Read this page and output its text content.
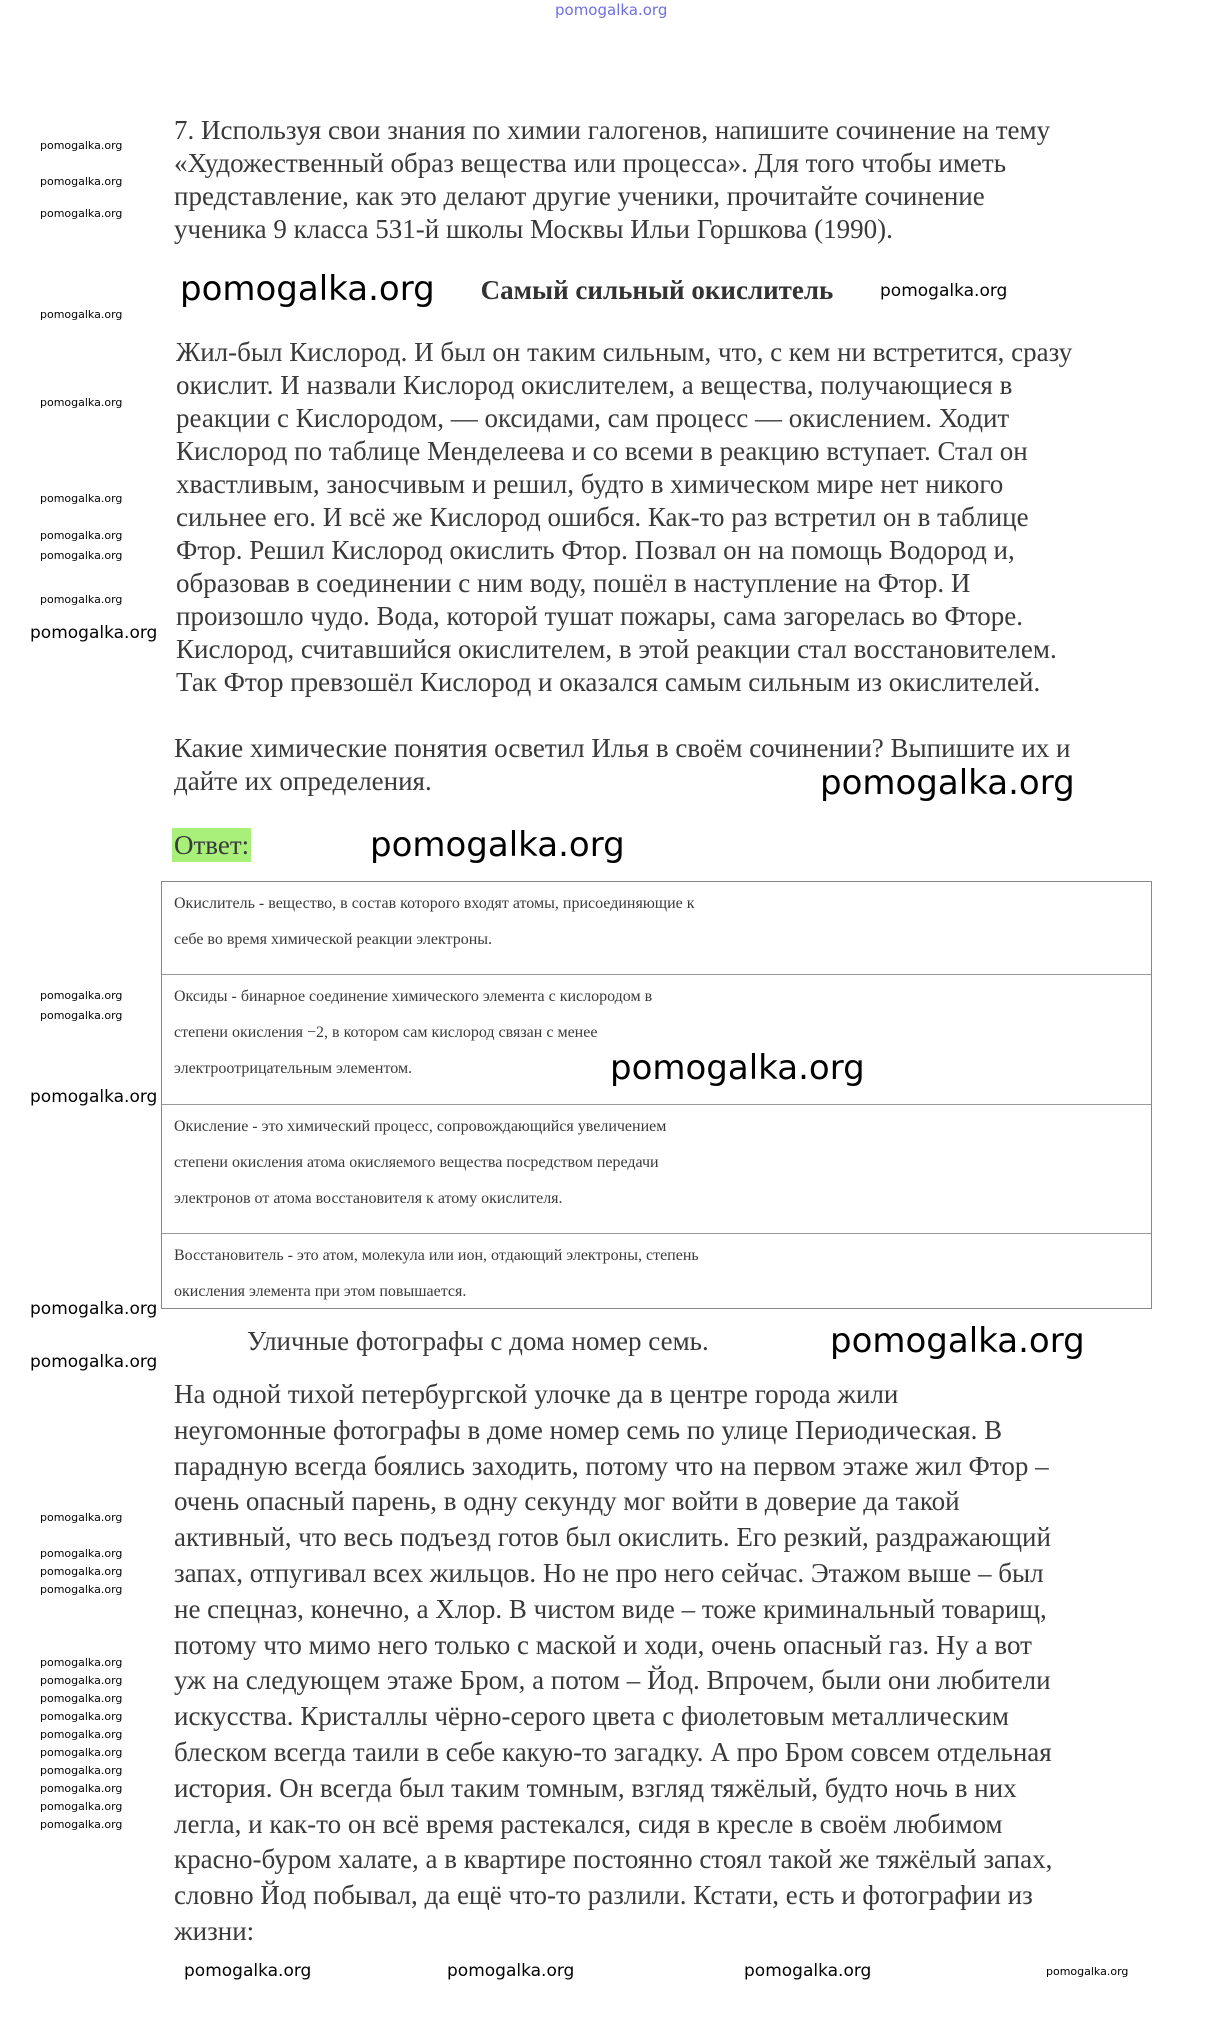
pomogalka.org
7. Используя свои знания по химии галогенов, напишите сочинение на тему
«Художественный образ вещества или процесса». Для того чтобы иметь
представление, как это делают другие ученики, прочитайте сочинение
ученика 9 класса 531-й школы Москвы Ильи Горшкова (1990).
Самый сильный окислитель
Жил-был Кислород. И был он таким сильным, что, с кем ни встретится, сразу
окислит. И назвали Кислород окислителем, а вещества, получающиеся в
реакции с Кислородом, — оксидами, сам процесс — окислением. Ходит
Кислород по таблице Менделеева и со всеми в реакцию вступает. Стал он
хвастливым, заносчивым и решил, будто в химическом мире нет никого
сильнее его. И всё же Кислород ошибся. Как-то раз встретил он в таблице
Фтор. Решил Кислород окислить Фтор. Позвал он на помощь Водород и,
образовав в соединении с ним воду, пошёл в наступление на Фтор. И
произошло чудо. Вода, которой тушат пожары, сама загорелась во Фторе.
Кислород, считавшийся окислителем, в этой реакции стал восстановителем.
Так Фтор превзошёл Кислород и оказался самым сильным из окислителей.
Какие химические понятия осветил Илья в своём сочинении? Выпишите их и
дайте их определения.
Ответ:
Окислитель - вещество, в состав которого входят атомы, присоединяющие к
себе во время химической реакции электроны.
Оксиды - бинарное соединение химического элемента с кислородом в
степени окисления −2, в котором сам кислород связан с менее
электроотрицательным элементом.
Окисление - это химический процесс, сопровождающийся увеличением
степени окисления атома окисляемого вещества посредством передачи
электронов от атома восстановителя к атому окислителя.
Восстановитель - это атом, молекула или ион, отдающий электроны, степень
окисления элемента при этом повышается.
Уличные фотографы с дома номер семь.
На одной тихой петербургской улочке да в центре города жили
неугомонные фотографы в доме номер семь по улице Периодическая. В
парадную всегда боялись заходить, потому что на первом этаже жил Фтор –
очень опасный парень, в одну секунду мог войти в доверие да такой
активный, что весь подъезд готов был окислить. Его резкий, раздражающий
запах, отпугивал всех жильцов. Но не про него сейчас. Этажом выше – был
не спецназ, конечно, а Хлор. В чистом виде – тоже криминальный товарищ,
потому что мимо него только с маской и ходи, очень опасный газ. Ну а вот
уж на следующем этаже Бром, а потом – Йод. Впрочем, были они любители
искусства. Кристаллы чёрно-серого цвета с фиолетовым металлическим
блеском всегда таили в себе какую-то загадку. А про Бром совсем отдельная
история. Он всегда был таким томным, взгляд тяжёлый, будто ночь в них
легла, и как-то он всё время растекался, сидя в кресле в своём любимом
красно-буром халате, а в квартире постоянно стоял такой же тяжёлый запах,
словно Йод побывал, да ещё что-то разлили. Кстати, есть и фотографии из
жизни:
pomogalka.org
pomogalka.org
pomogalka.org
pomogalka.org	pomogalka.org
pomogalka.org
pomogalka.org
pomogalka.org
pomogalka.org
pomogalka.org
pomogalka.org
pomogalka.org
pomogalka.org
pomogalka.org
pomogalka.org
pomogalka.org
pomogalka.org
pomogalka.org
pomogalka.org
pomogalka.org
pomogalka.org
pomogalka.org
pomogalka.org
pomogalka.org
pomogalka.org
pomogalka.org
pomogalka.org
pomogalka.org
pomogalka.org
pomogalka.org
pomogalka.org
pomogalka.org
pomogalka.org
pomogalka.org
pomogalka.org
pomogalka.org	pomogalka.org	pomogalka.org	pomogalka.org
